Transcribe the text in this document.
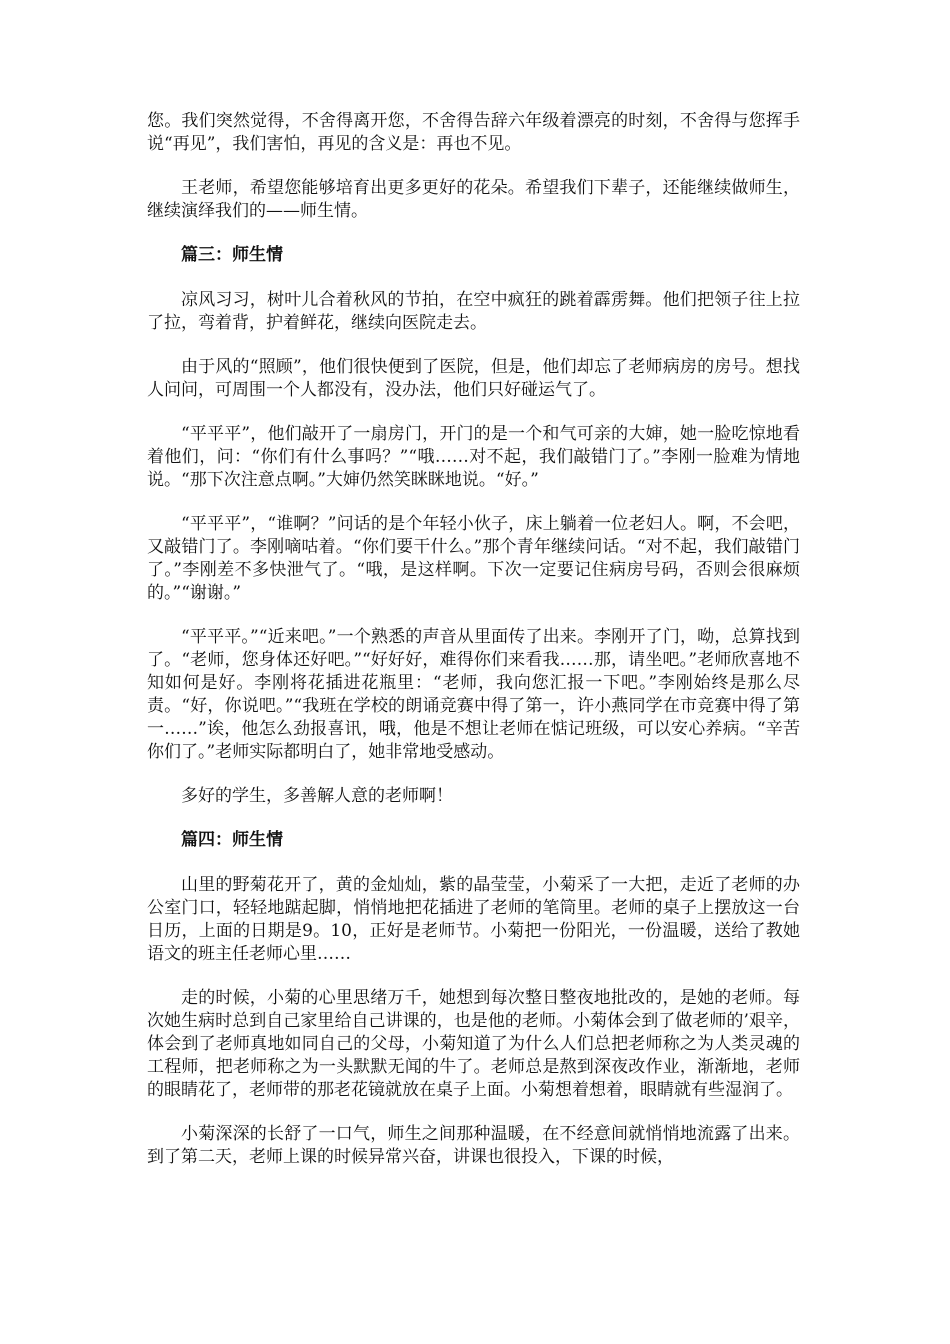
您。我们突然觉得，不舍得离开您，不舍得告辞六年级着漂亮的时刻，不舍得与您挥手说“再见”，我们害怕，再见的含义是：再也不见。

王老师，希望您能够培育出更多更好的花朵。希望我们下辈子，还能继续做师生，继续演绎我们的——师生情。

篇三：师生情

凉风习习，树叶儿合着秋风的节拍，在空中疯狂的跳着霹雳舞。他们把领子往上拉了拉，弯着背，护着鲜花，继续向医院走去。

由于风的“照顾”，他们很快便到了医院，但是，他们却忘了老师病房的房号。想找人问问，可周围一个人都没有，没办法，他们只好碰运气了。

“平平平”，他们敲开了一扇房门，开门的是一个和气可亲的大婶，她一脸吃惊地看着他们，问：“你们有什么事吗？”“哦……对不起，我们敲错门了。”李刚一脸难为情地说。“那下次注意点啊。”大婶仍然笑眯眯地说。“好。”

“平平平”，“谁啊？”问话的是个年轻小伙子，床上躺着一位老妇人。啊，不会吧，又敲错门了。李刚嘀咕着。“你们要干什么。”那个青年继续问话。“对不起，我们敲错门了。”李刚差不多快泄气了。“哦，是这样啊。下次一定要记住病房号码，否则会很麻烦的。”“谢谢。”

“平平平。”“近来吧。”一个熟悉的声音从里面传了出来。李刚开了门，呦，总算找到了。“老师，您身体还好吧。”“好好好，难得你们来看我……那，请坐吧。”老师欣喜地不知如何是好。李刚将花插进花瓶里：“老师，我向您汇报一下吧。”李刚始终是那么尽责。“好，你说吧。”“我班在学校的朗诵竞赛中得了第一，许小燕同学在市竞赛中得了第一……”诶，他怎么劲报喜讯，哦，他是不想让老师在惦记班级，可以安心养病。“辛苦你们了。”老师实际都明白了，她非常地受感动。

多好的学生，多善解人意的老师啊！

篇四：师生情

山里的野菊花开了，黄的金灿灿，紫的晶莹莹，小菊采了一大把，走近了老师的办公室门口，轻轻地踮起脚，悄悄地把花插进了老师的笔筒里。老师的桌子上摆放这一台日历，上面的日期是9。10，正好是老师节。小菊把一份阳光，一份温暖，送给了教她语文的班主任老师心里……

走的时候，小菊的心里思绪万千，她想到每次整日整夜地批改的，是她的老师。每次她生病时总到自己家里给自己讲课的，也是他的老师。小菊体会到了做老师的’艰辛，体会到了老师真地如同自己的父母，小菊知道了为什么人们总把老师称之为人类灵魂的工程师，把老师称之为一头默默无闻的牛了。老师总是熬到深夜改作业，渐渐地，老师的眼睛花了，老师带的那老花镜就放在桌子上面。小菊想着想着，眼睛就有些湿润了。

小菊深深的长舒了一口气，师生之间那种温暖，在不经意间就悄悄地流露了出来。到了第二天，老师上课的时候异常兴奋，讲课也很投入，下课的时候，
